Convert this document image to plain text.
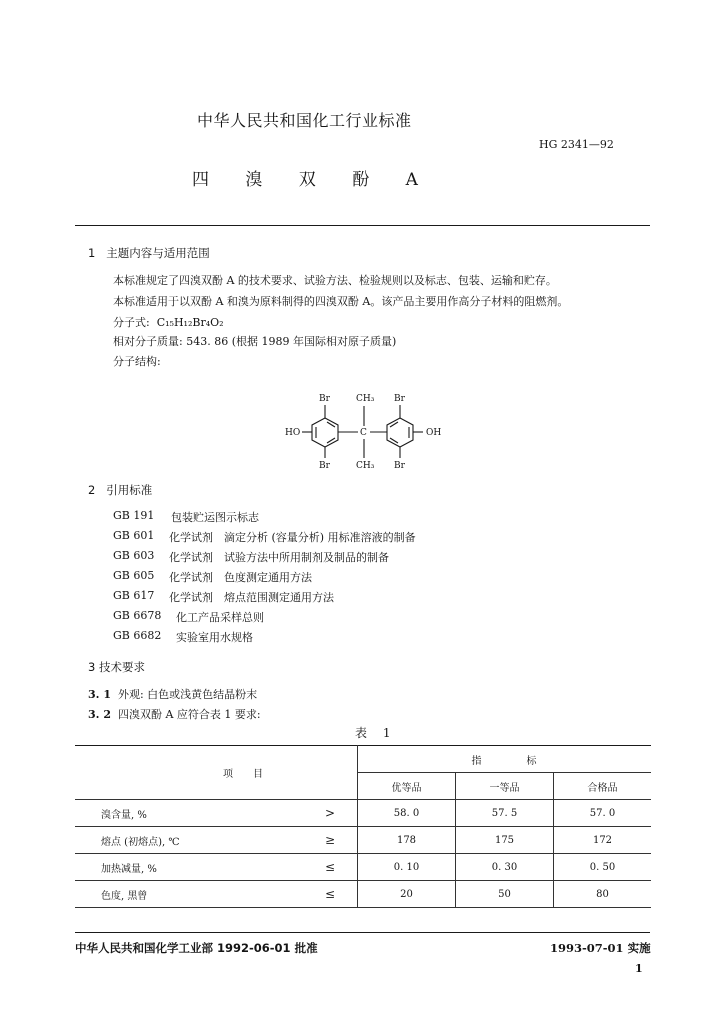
中华人民共和国化工行业标准
HG 2341—92
四 溴 双 酚 A
1 主题内容与适用范围
本标准规定了四溴双酚 A 的技术要求、试验方法、检验规则以及标志、包装、运输和贮存。
本标准适用于以双酚 A 和溴为原料制得的四溴双酚 A。该产品主要用作高分子材料的阻燃剂。
分子式: C₁₅H₁₂Br₄O₂
相对分子质量: 543. 86 (根据 1989 年国际相对原子质量)
分子结构:
Br
Br
Br
Br
CH₃
CH₃
C
HO	OH
2 引用标准
GB 191	包装贮运图示标志
GB 601	化学试剂　滴定分析 (容量分析) 用标准溶液的制备
GB 603	化学试剂　试验方法中所用制剂及制品的制备
GB 605	化学试剂　色度测定通用方法
GB 617	化学试剂　熔点范围测定通用方法
GB 6678	化工产品采样总则
GB 6682	实验室用水规格
3 技术要求
3. 1 外观: 白色或浅黄色结晶粉末
3. 2 四溴双酚 A 应符合表 1 要求:
表 1
项　　目		指　　　　标		
		优等品	一等品	合格品
溴含量, %	>	58. 0	57. 5	57. 0
熔点 (初熔点), ℃	≥	178	175	172
加热减量, %	≤	0. 10	0. 30	0. 50
色度, 黑曾	≤	20	50	80
中华人民共和国化学工业部 1992-06-01 批准	1993-07-01 实施
1
